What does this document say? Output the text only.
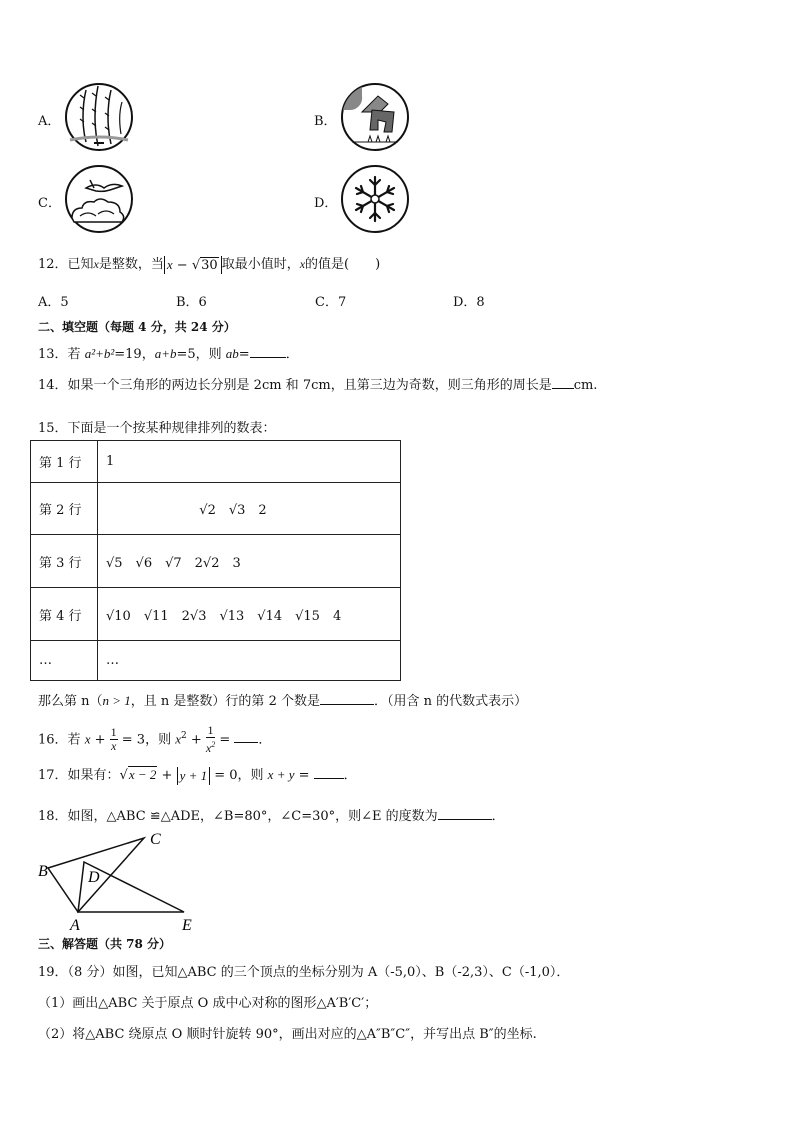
A．	B．
C．	D．
12．已知x是整数，当 x − √30 取最小值时，x的值是(　　)
A．5	B．6	C．7	D．8
二、填空题（每题 4 分，共 24 分）
13．若 a²+b²=19，a+b=5，则 ab=	．
14．如果一个三角形的两边长分别是 2cm 和 7cm，且第三边为奇数，则三角形的周长是 cm.
15．下面是一个按某种规律排列的数表：
第 1 行	1
第 2 行	√2　√3　2
第 3 行	√5　√6　√7　2√2　3
第 4 行	√10　√11　2√3　√13　√14　√15　4
…	…
那么第 n（n > 1，且 n 是整数）行的第 2 个数是	．（用含 n 的代数式表示）
16．若 $x + \frac{1}{x} = 3$，则 $x^2 + \frac{1}{x^2}$ = ．
17．如果有：√x − 2 + y + 1 = 0，则 x + y = ．
18．如图，△ABC ≌△ADE，∠B=80°，∠C=30°，则∠E 的度数为	．
B
C
D
A	E
三、解答题（共 78 分）
19．（8 分）如图，已知△ABC 的三个顶点的坐标分别为 A（-5,0）、B（-2,3）、C（-1,0）．
（1）画出△ABC 关于原点 O 成中心对称的图形△A′B′C′；
（2）将△ABC 绕原点 O 顺时针旋转 90°，画出对应的△A″B″C″，并写出点 B″的坐标.
